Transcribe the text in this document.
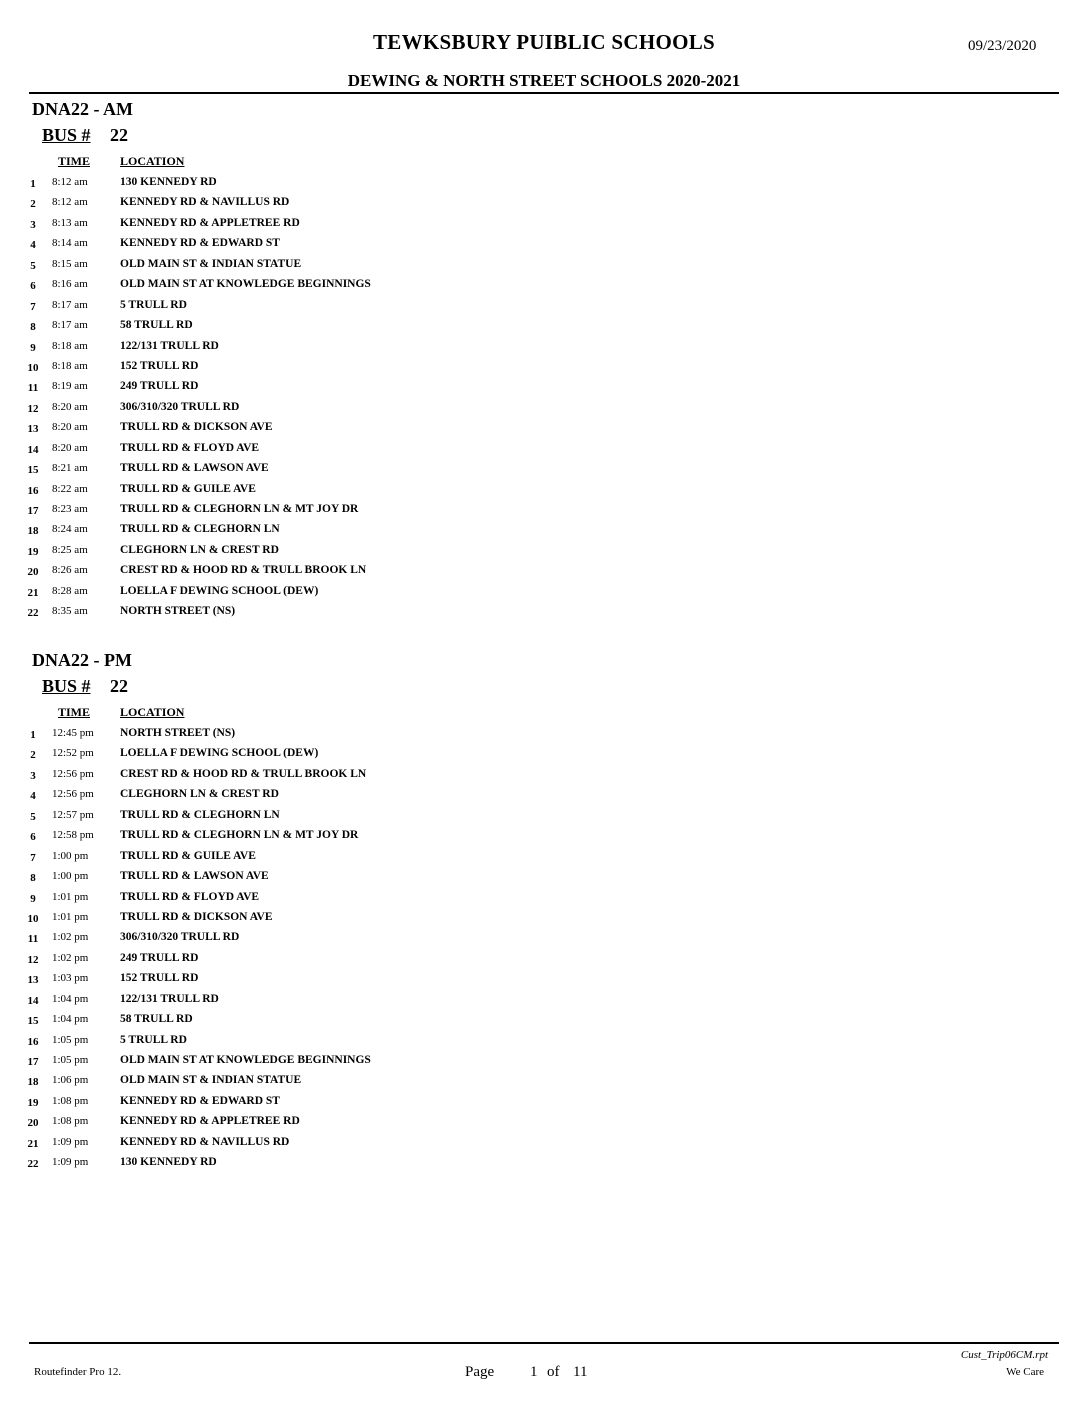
TEWKSBURY PUIBLIC SCHOOLS	09/23/2020
DEWING & NORTH STREET SCHOOLS 2020-2021
DNA22 - AM
BUS # 22
TIME LOCATION
1	8:12 am	130 KENNEDY RD
2	8:12 am	KENNEDY RD & NAVILLUS RD
3	8:13 am	KENNEDY RD & APPLETREE RD
4	8:14 am	KENNEDY RD & EDWARD ST
5	8:15 am	OLD MAIN ST & INDIAN STATUE
6	8:16 am	OLD MAIN ST AT KNOWLEDGE BEGINNINGS
7	8:17 am	5 TRULL RD
8	8:17 am	58 TRULL RD
9	8:18 am	122/131 TRULL RD
10	8:18 am	152 TRULL RD
11	8:19 am	249 TRULL RD
12	8:20 am	306/310/320 TRULL RD
13	8:20 am	TRULL RD & DICKSON AVE
14	8:20 am	TRULL RD & FLOYD AVE
15	8:21 am	TRULL RD & LAWSON AVE
16	8:22 am	TRULL RD & GUILE AVE
17	8:23 am	TRULL RD & CLEGHORN LN & MT JOY DR
18	8:24 am	TRULL RD & CLEGHORN LN
19	8:25 am	CLEGHORN LN & CREST RD
20	8:26 am	CREST RD & HOOD RD & TRULL BROOK LN
21	8:28 am	LOELLA F DEWING SCHOOL (DEW)
22	8:35 am	NORTH STREET (NS)
DNA22 - PM
BUS # 22
TIME LOCATION
1	12:45 pm NORTH STREET (NS)
2	12:52 pm LOELLA F DEWING SCHOOL (DEW)
3	12:56 pm CREST RD & HOOD RD & TRULL BROOK LN
4	12:56 pm CLEGHORN LN & CREST RD
5	12:57 pm TRULL RD & CLEGHORN LN
6	12:58 pm TRULL RD & CLEGHORN LN & MT JOY DR
7	1:00 pm	TRULL RD & GUILE AVE
8	1:00 pm	TRULL RD & LAWSON AVE
9	1:01 pm	TRULL RD & FLOYD AVE
10	1:01 pm	TRULL RD & DICKSON AVE
11	1:02 pm	306/310/320 TRULL RD
12	1:02 pm	249 TRULL RD
13	1:03 pm	152 TRULL RD
14	1:04 pm	122/131 TRULL RD
15	1:04 pm	58 TRULL RD
16	1:05 pm	5 TRULL RD
17	1:05 pm	OLD MAIN ST AT KNOWLEDGE BEGINNINGS
18	1:06 pm	OLD MAIN ST & INDIAN STATUE
19	1:08 pm	KENNEDY RD & EDWARD ST
20	1:08 pm	KENNEDY RD & APPLETREE RD
21	1:09 pm	KENNEDY RD & NAVILLUS RD
22	1:09 pm	130 KENNEDY RD
Routefinder Pro 12.	Page 1 of 11
Cust_Trip06CM.rpt
We Care
